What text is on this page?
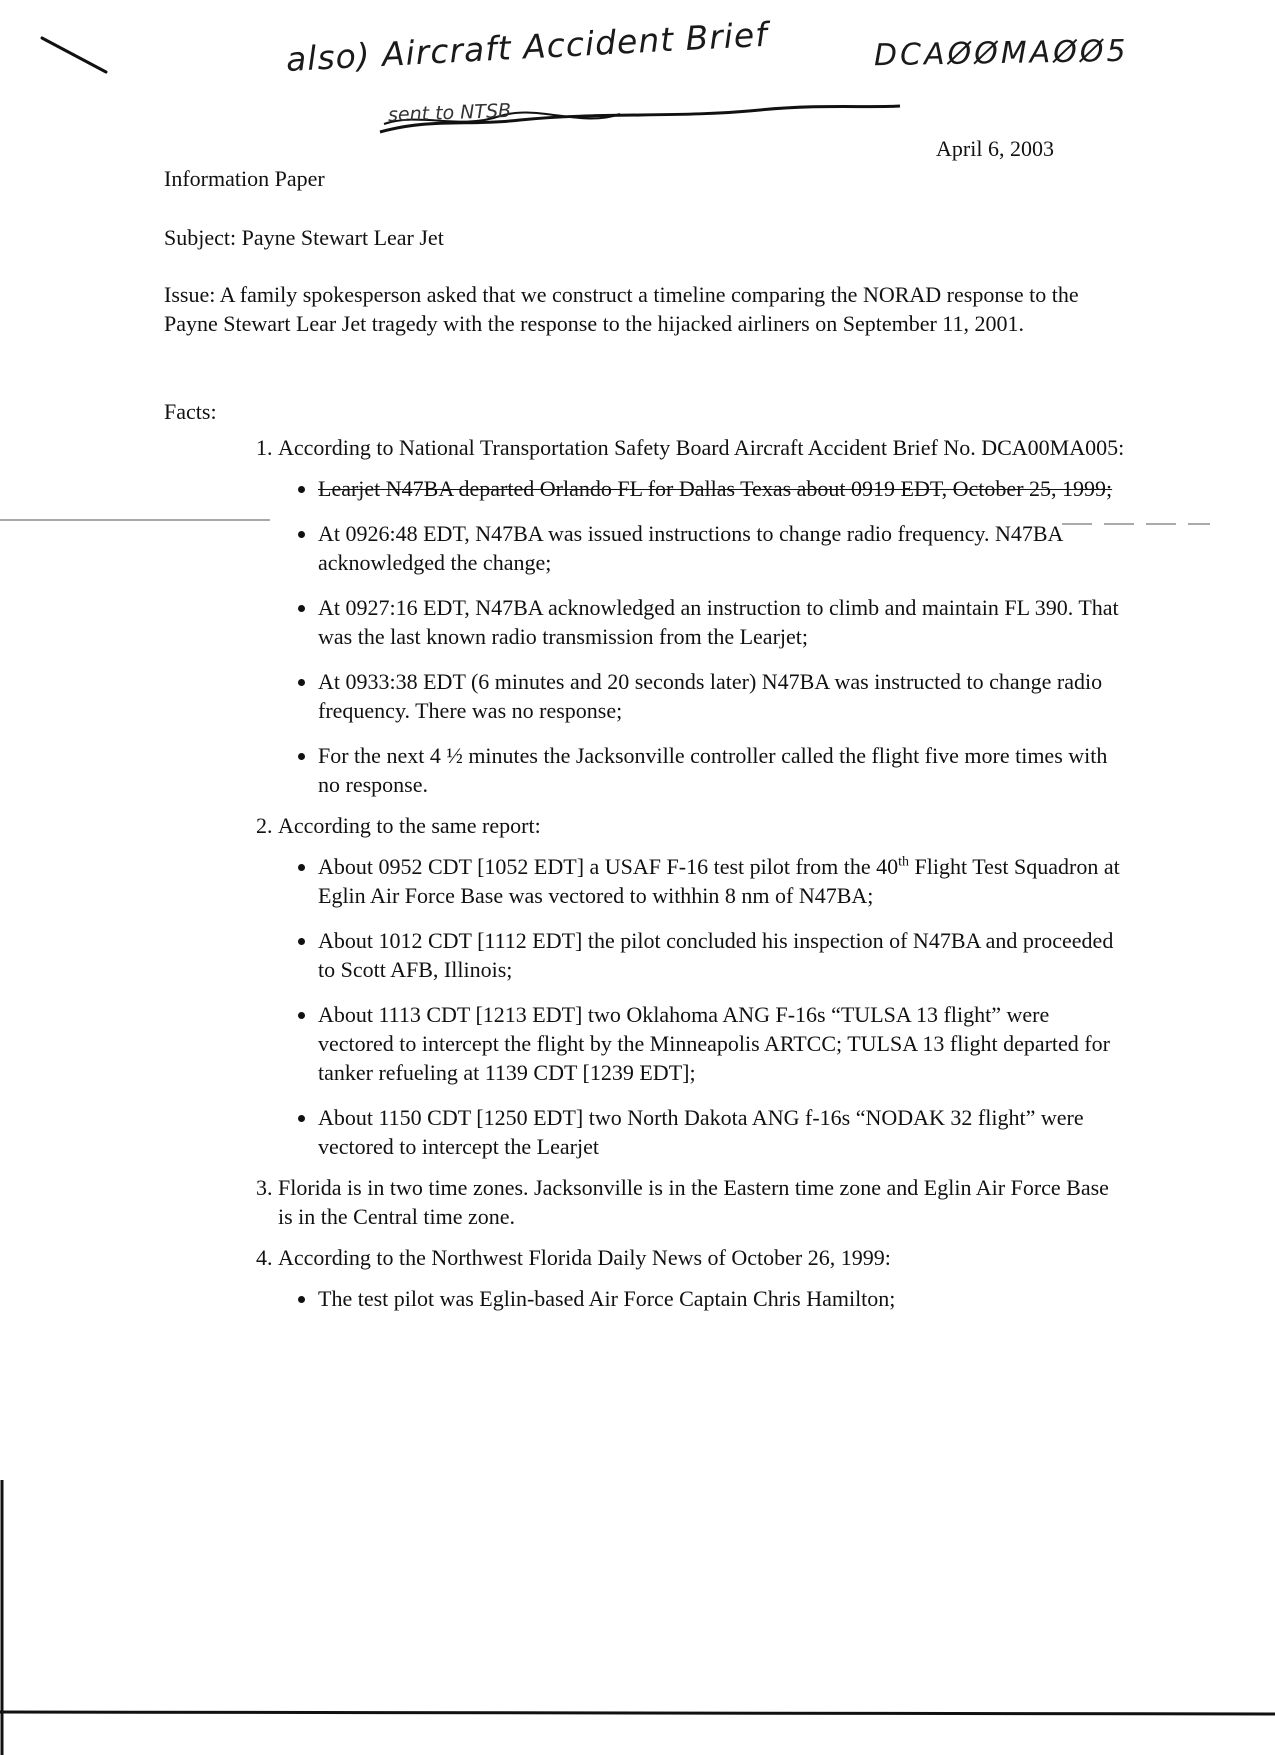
also) Aircraft Accident Brief	DCAØØMAØØ5
sent to NTSB
April 6, 2003
Information Paper
Subject: Payne Stewart Lear Jet
Issue: A family spokesperson asked that we construct a timeline comparing the NORAD response to the Payne Stewart Lear Jet tragedy with the response to the hijacked airliners on September 11, 2001.
Facts:
1. According to National Transportation Safety Board Aircraft Accident Brief No. DCA00MA005:
• Learjet N47BA departed Orlando FL for Dallas Texas about 0919 EDT, October 25, 1999;
• At 0926:48 EDT, N47BA was issued instructions to change radio frequency. N47BA acknowledged the change;
• At 0927:16 EDT, N47BA acknowledged an instruction to climb and maintain FL 390. That was the last known radio transmission from the Learjet;
• At 0933:38 EDT (6 minutes and 20 seconds later) N47BA was instructed to change radio frequency. There was no response;
• For the next 4 ½ minutes the Jacksonville controller called the flight five more times with no response.
2. According to the same report:
• About 0952 CDT [1052 EDT] a USAF F-16 test pilot from the 40th Flight Test Squadron at Eglin Air Force Base was vectored to withhin 8 nm of N47BA;
• About 1012 CDT [1112 EDT] the pilot concluded his inspection of N47BA and proceeded to Scott AFB, Illinois;
• About 1113 CDT [1213 EDT] two Oklahoma ANG F-16s “TULSA 13 flight” were vectored to intercept the flight by the Minneapolis ARTCC; TULSA 13 flight departed for tanker refueling at 1139 CDT [1239 EDT];
• About 1150 CDT [1250 EDT] two North Dakota ANG f-16s “NODAK 32 flight” were vectored to intercept the Learjet
3. Florida is in two time zones. Jacksonville is in the Eastern time zone and Eglin Air Force Base is in the Central time zone.
4. According to the Northwest Florida Daily News of October 26, 1999:
• The test pilot was Eglin-based Air Force Captain Chris Hamilton;
